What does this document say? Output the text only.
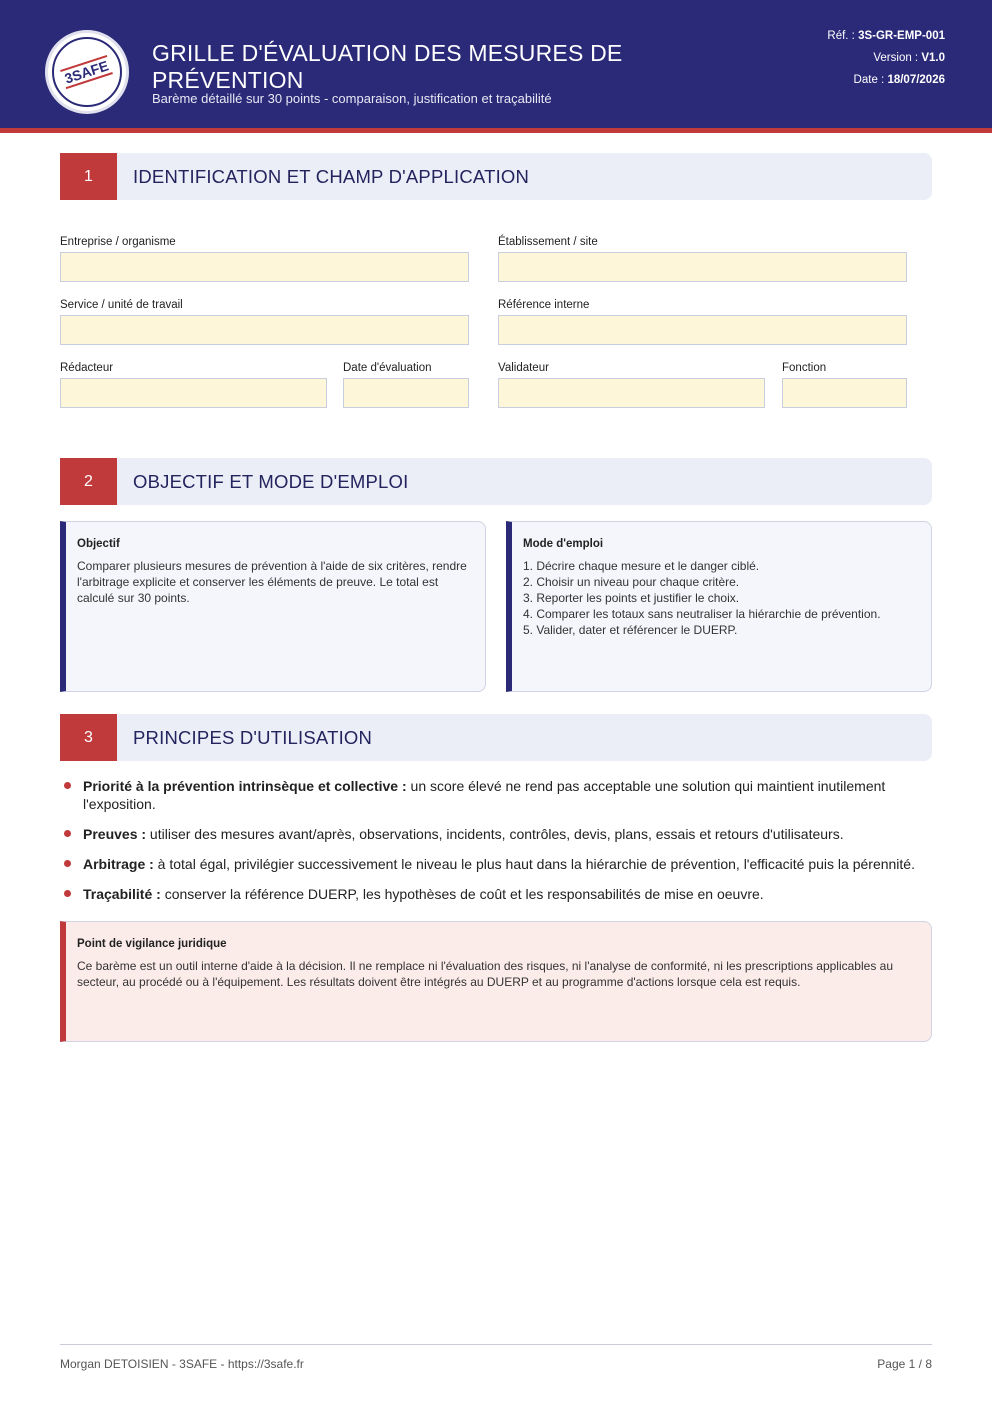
3SAFE
GRILLE D'ÉVALUATION DES MESURES DE PRÉVENTION
Barème détaillé sur 30 points - comparaison, justification et traçabilité
Réf. : 3S-GR-EMP-001
Version : V1.0
Date : 18/07/2026
1	IDENTIFICATION ET CHAMP D'APPLICATION
Entreprise / organisme	Établissement / site
Service / unité de travail	Référence interne
Rédacteur	Date d'évaluation	Validateur	Fonction
2	OBJECTIF ET MODE D'EMPLOI
Objectif
Comparer plusieurs mesures de prévention à l'aide de six critères, rendre l'arbitrage explicite et conserver les éléments de preuve. Le total est calculé sur 30 points.
Mode d'emploi
1. Décrire chaque mesure et le danger ciblé.
2. Choisir un niveau pour chaque critère.
3. Reporter les points et justifier le choix.
4. Comparer les totaux sans neutraliser la hiérarchie de prévention.
5. Valider, dater et référencer le DUERP.
3	PRINCIPES D'UTILISATION
Priorité à la prévention intrinsèque et collective : un score élevé ne rend pas acceptable une solution qui maintient inutilement l'exposition.
Preuves : utiliser des mesures avant/après, observations, incidents, contrôles, devis, plans, essais et retours d'utilisateurs.
Arbitrage : à total égal, privilégier successivement le niveau le plus haut dans la hiérarchie de prévention, l'efficacité puis la pérennité.
Traçabilité : conserver la référence DUERP, les hypothèses de coût et les responsabilités de mise en oeuvre.
Point de vigilance juridique
Ce barème est un outil interne d'aide à la décision. Il ne remplace ni l'évaluation des risques, ni l'analyse de conformité, ni les prescriptions applicables au secteur, au procédé ou à l'équipement. Les résultats doivent être intégrés au DUERP et au programme d'actions lorsque cela est requis.
Morgan DETOISIEN - 3SAFE - https://3safe.fr	Page 1 / 8
